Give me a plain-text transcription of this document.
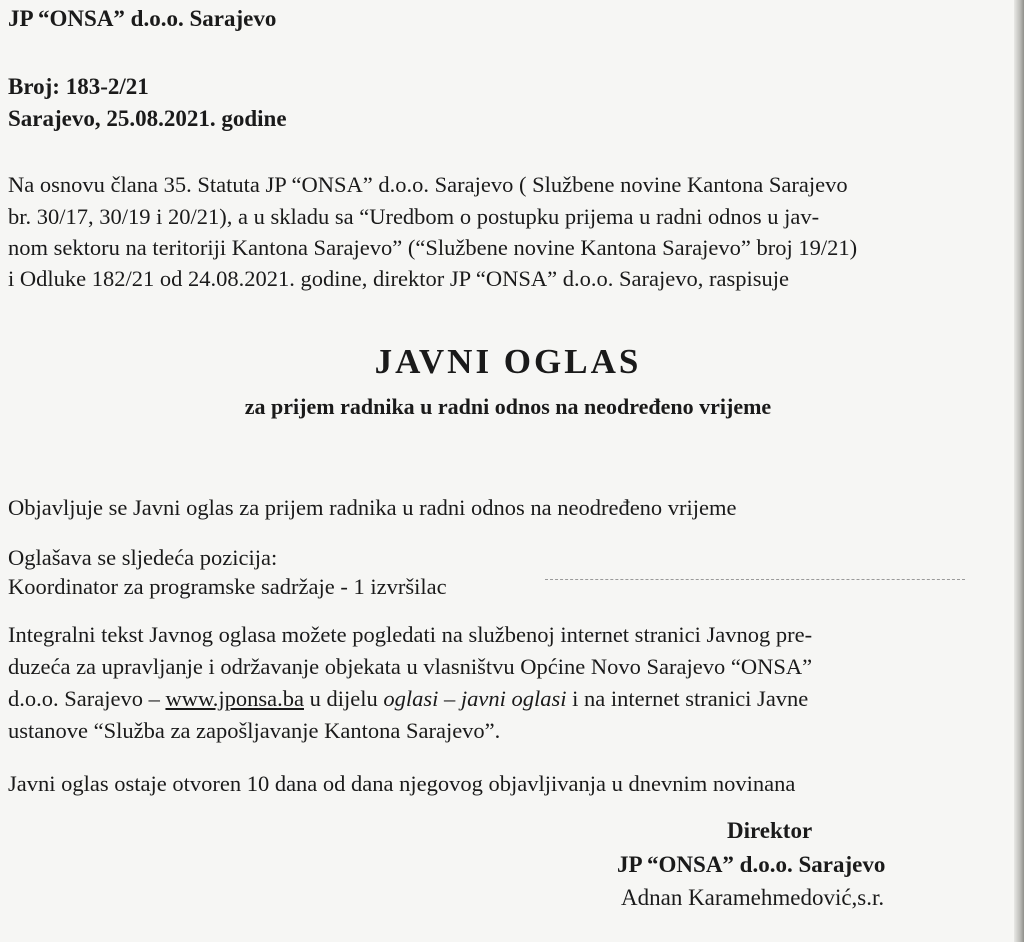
JP “ONSA” d.o.o. Sarajevo
Broj: 183-2/21
Sarajevo, 25.08.2021. godine
Na osnovu člana 35. Statuta JP “ONSA” d.o.o. Sarajevo ( Službene novine Kantona Sarajevo
br. 30/17, 30/19 i 20/21), a u skladu sa “Uredbom o postupku prijema u radni odnos u jav-
nom sektoru na teritoriji Kantona Sarajevo” (“Službene novine Kantona Sarajevo” broj 19/21)
i Odluke 182/21 od 24.08.2021. godine, direktor JP “ONSA” d.o.o. Sarajevo, raspisuje
JAVNI OGLAS
za prijem radnika u radni odnos na neodređeno vrijeme
Objavljuje se Javni oglas za prijem radnika u radni odnos na neodređeno vrijeme
Oglašava se sljedeća pozicija:
Koordinator za programske sadržaje - 1 izvršilac
Integralni tekst Javnog oglasa možete pogledati na službenoj internet stranici Javnog pre-
duzeća za upravljanje i održavanje objekata u vlasništvu Općine Novo Sarajevo “ONSA”
d.o.o. Sarajevo – www.jponsa.ba u dijelu oglasi – javni oglasi i na internet stranici Javne
ustanove “Služba za zapošljavanje Kantona Sarajevo”.
Javni oglas ostaje otvoren 10 dana od dana njegovog objavljivanja u dnevnim novinana
Direktor
JP “ONSA” d.o.o. Sarajevo
Adnan Karamehmedović,s.r.
